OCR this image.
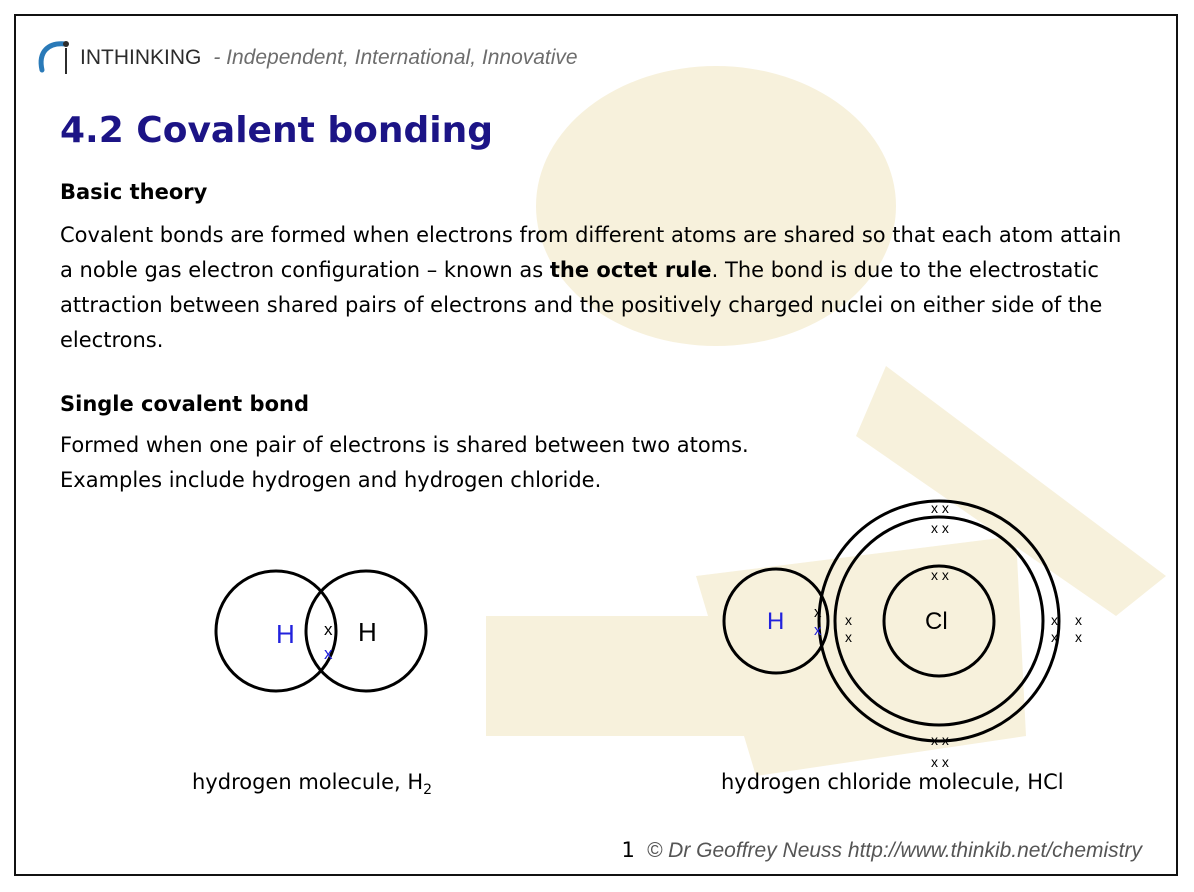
INTHINKING - Independent, International, Innovative
4.2 Covalent bonding
Basic theory
Covalent bonds are formed when electrons from different atoms are shared so that each atom attain a noble gas electron configuration – known as the octet rule. The bond is due to the electrostatic attraction between shared pairs of electrons and the positively charged nuclei on either side of the electrons.
Single covalent bond
Formed when one pair of electrons is shared between two atoms.
Examples include hydrogen and hydrogen chloride.
H H
x
x
hydrogen molecule, $H_2$
H	Cl
x
x
x x
x x
x x
x x
x x
x
x
x
x
x
x
hydrogen chloride molecule, HCl
1 © Dr Geoffrey Neuss http://www.thinkib.net/chemistry
